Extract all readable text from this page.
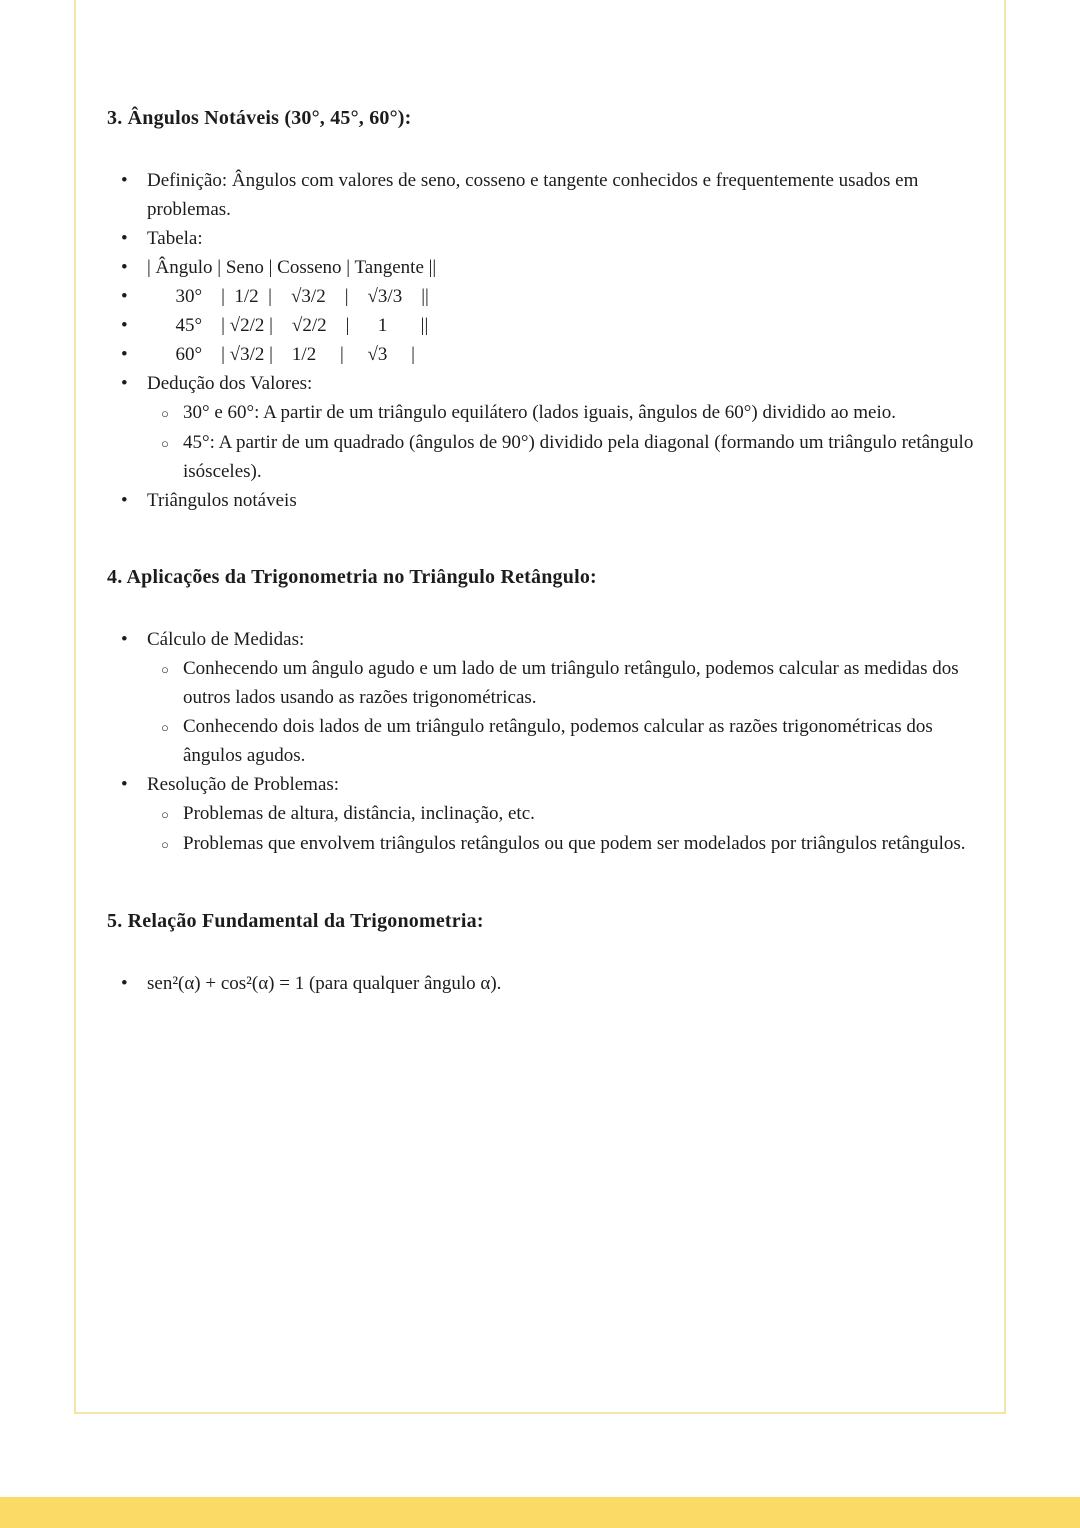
3. Ângulos Notáveis (30°, 45°, 60°):
•	Definição: Ângulos com valores de seno, cosseno e tangente conhecidos e frequentemente usados em problemas.
•	Tabela:
•	| Ângulo | Seno | Cosseno | Tangente ||
•	30°    |  1/2  |    √3/2    |    √3/3    ||
•	45°    | √2/2 |    √2/2    |      1       ||
•	60°    | √3/2 |    1/2     |     √3     |
•	Dedução dos Valores:
○ 30° e 60°: A partir de um triângulo equilátero (lados iguais, ângulos de 60°) dividido ao meio.
○ 45°: A partir de um quadrado (ângulos de 90°) dividido pela diagonal (formando um triângulo retângulo isósceles).
•	Triângulos notáveis
4. Aplicações da Trigonometria no Triângulo Retângulo:
•	Cálculo de Medidas:
○ Conhecendo um ângulo agudo e um lado de um triângulo retângulo, podemos calcular as medidas dos outros lados usando as razões trigonométricas.
○ Conhecendo dois lados de um triângulo retângulo, podemos calcular as razões trigonométricas dos ângulos agudos.
•	Resolução de Problemas:
○ Problemas de altura, distância, inclinação, etc.
○ Problemas que envolvem triângulos retângulos ou que podem ser modelados por triângulos retângulos.
5. Relação Fundamental da Trigonometria:
•	sen²(α) + cos²(α) = 1 (para qualquer ângulo α).
